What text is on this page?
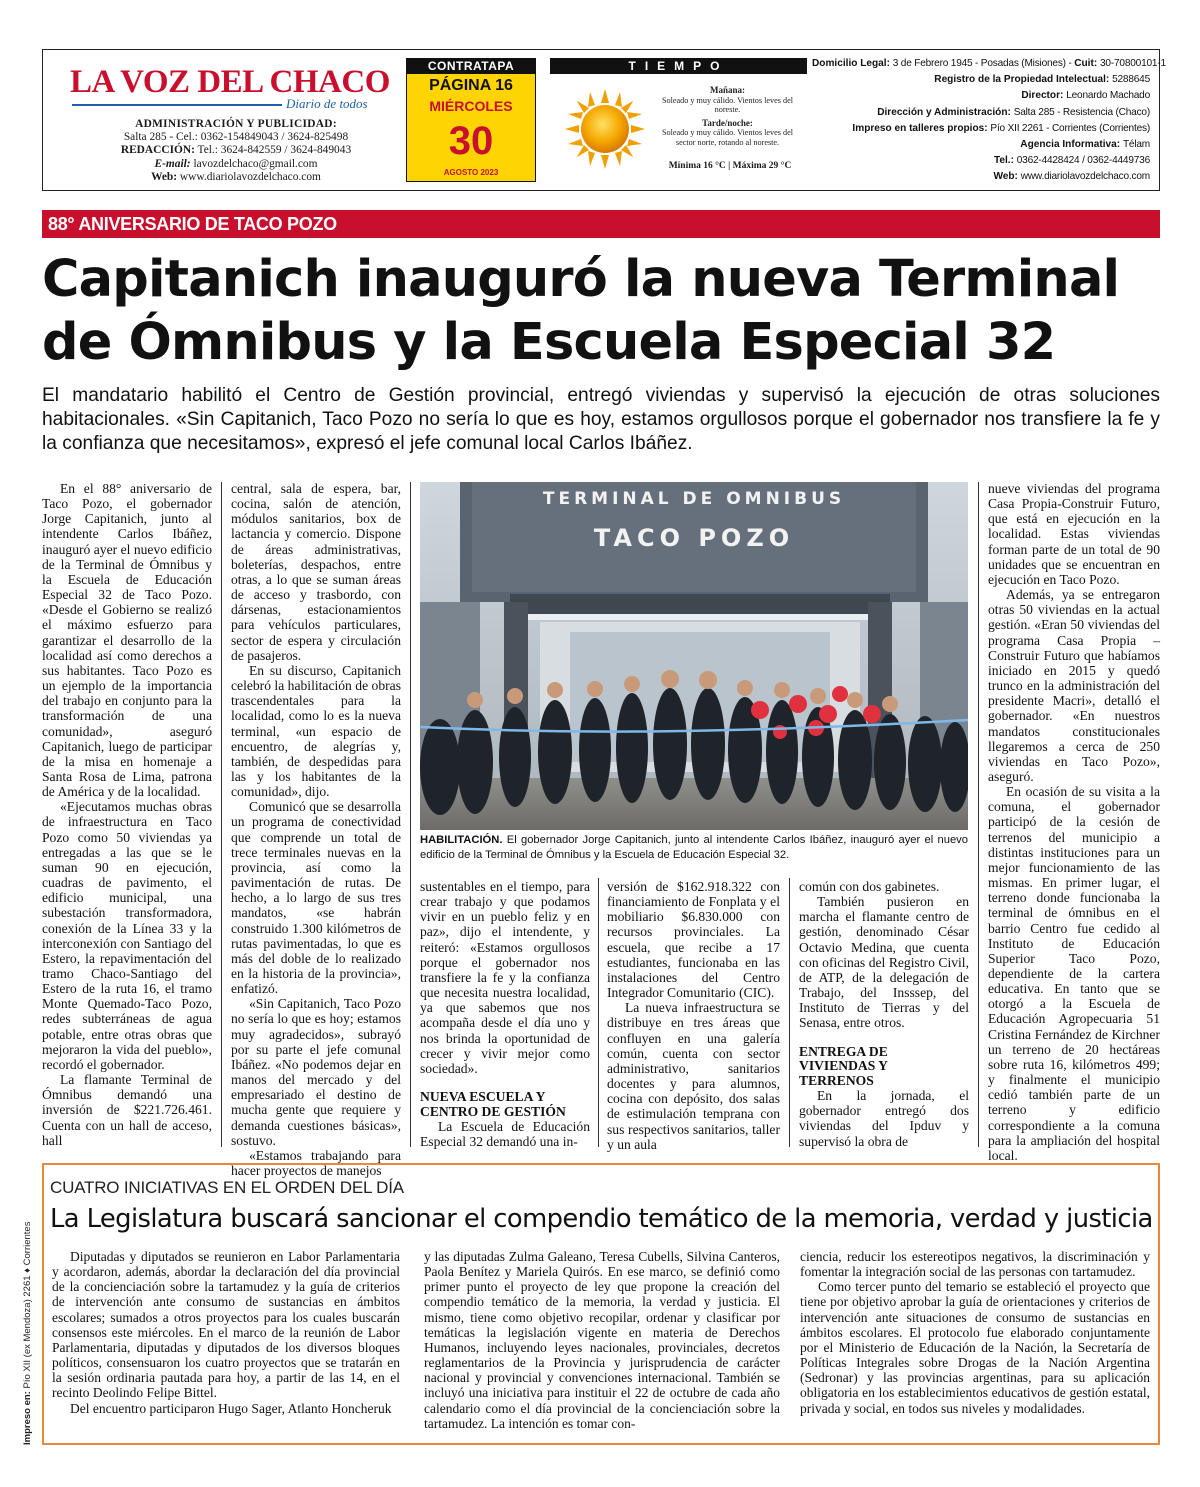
LA VOZ DEL CHACO
Diario de todos
ADMINISTRACIÓN Y PUBLICIDAD:
Salta 285 - Cel.: 0362-154849043 / 3624-825498
REDACCIÓN: Tel.: 3624-842559 / 3624-849043
E-mail: lavozdelchaco@gmail.com
Web: www.diariolavozdelchaco.com
CONTRATAPA
PÁGINA 16
MIÉRCOLES
30
AGOSTO 2023
TIEMPO
Mañana:
Soleado y muy cálido. Vientos leves del noreste.
Tarde/noche:
Soleado y muy cálido. Vientos leves del sector norte, rotando al noreste.
Mínima 16 °C | Máxima 29 °C
Domicilio Legal: 3 de Febrero 1945 - Posadas (Misiones) - Cuit: 30-70800101-1
Registro de la Propiedad Intelectual: 5288645
Director: Leonardo Machado
Dirección y Administración: Salta 285 - Resistencia (Chaco)
Impreso en talleres propios: Pío XII 2261 - Corrientes (Corrientes)
Agencia Informativa: Télam
Tel.: 0362-4428424 / 0362-4449736
Web: www.diariolavozdelchaco.com
88° ANIVERSARIO DE TACO POZO
Capitanich inauguró la nueva Terminal
de Ómnibus y la Escuela Especial 32
El mandatario habilitó el Centro de Gestión provincial, entregó viviendas y supervisó la ejecución de otras soluciones habitacionales. «Sin Capitanich, Taco Pozo no sería lo que es hoy, estamos orgullosos porque el gobernador nos transfiere la fe y la confianza que necesitamos», expresó el jefe comunal local Carlos Ibáñez.

En el 88° aniversario de Taco Pozo, el gobernador Jorge Capitanich, junto al intendente Carlos Ibáñez, inauguró ayer el nuevo edificio de la Terminal de Ómnibus y la Escuela de Educación Especial 32 de Taco Pozo. «Desde el Gobierno se realizó el máximo esfuerzo para garantizar el desarrollo de la localidad así como derechos a sus habitantes. Taco Pozo es un ejemplo de la importancia del trabajo en conjunto para la transformación de una comunidad», aseguró Capitanich, luego de participar de la misa en homenaje a Santa Rosa de Lima, patrona de América y de la localidad.

«Ejecutamos muchas obras de infraestructura en Taco Pozo como 50 viviendas ya entregadas a las que se le suman 90 en ejecución, cuadras de pavimento, el edificio municipal, una subestación transformadora, conexión de la Línea 33 y la interconexión con Santiago del Estero, la repavimentación del tramo Chaco-Santiago del Estero de la ruta 16, el tramo Monte Quemado-Taco Pozo, redes subterráneas de agua potable, entre otras obras que mejoraron la vida del pueblo», recordó el gobernador.

La flamante Terminal de Ómnibus demandó una inversión de $221.726.461. Cuenta con un hall de acceso, hall

central, sala de espera, bar, cocina, salón de atención, módulos sanitarios, box de lactancia y comercio. Dispone de áreas administrativas, boleterías, despachos, entre otras, a lo que se suman áreas de acceso y trasbordo, con dársenas, estacionamientos para vehículos particulares, sector de espera y circulación de pasajeros.

En su discurso, Capitanich celebró la habilitación de obras trascendentales para la localidad, como lo es la nueva terminal, «un espacio de encuentro, de alegrías y, también, de despedidas para las y los habitantes de la comunidad», dijo.

Comunicó que se desarrolla un programa de conectividad que comprende un total de trece terminales nuevas en la provincia, así como la pavimentación de rutas. De hecho, a lo largo de sus tres mandatos, «se habrán construido 1.300 kilómetros de rutas pavimentadas, lo que es más del doble de lo realizado en la historia de la provincia», enfatizó.

«Sin Capitanich, Taco Pozo no sería lo que es hoy; estamos muy agradecidos», subrayó por su parte el jefe comunal Ibáñez. «No podemos dejar en manos del mercado y del empresariado el destino de mucha gente que requiere y demanda cuestiones básicas», sostuvo.

«Estamos trabajando para hacer proyectos de manejos

TERMINAL DE OMNIBUS
TACO POZO
HABILITACIÓN. El gobernador Jorge Capitanich, junto al intendente Carlos Ibáñez, inauguró ayer el nuevo edificio de la Terminal de Ómnibus y la Escuela de Educación Especial 32.

sustentables en el tiempo, para crear trabajo y que podamos vivir en un pueblo feliz y en paz», dijo el intendente, y reiteró: «Estamos orgullosos porque el gobernador nos transfiere la fe y la confianza que necesita nuestra localidad, ya que sabemos que nos acompaña desde el día uno y nos brinda la oportunidad de crecer y vivir mejor como sociedad».

NUEVA ESCUELA Y
CENTRO DE GESTIÓN

La Escuela de Educación Especial 32 demandó una in-

versión de $162.918.322 con financiamiento de Fonplata y el mobiliario $6.830.000 con recursos provinciales. La escuela, que recibe a 17 estudiantes, funcionaba en las instalaciones del Centro Integrador Comunitario (CIC).

La nueva infraestructura se distribuye en tres áreas que confluyen en una galería común, cuenta con sector administrativo, sanitarios docentes y para alumnos, cocina con depósito, dos salas de estimulación temprana con sus respectivos sanitarios, taller y un aula

común con dos gabinetes.

También pusieron en marcha el flamante centro de gestión, denominado César Octavio Medina, que cuenta con oficinas del Registro Civil, de ATP, de la delegación de Trabajo, del Insssep, del Instituto de Tierras y del Senasa, entre otros.

ENTREGA DE
VIVIENDAS Y
TERRENOS

En la jornada, el gobernador entregó dos viviendas del Ipduv y supervisó la obra de

nueve viviendas del programa Casa Propia-Construir Futuro, que está en ejecución en la localidad. Estas viviendas forman parte de un total de 90 unidades que se encuentran en ejecución en Taco Pozo.

Además, ya se entregaron otras 50 viviendas en la actual gestión. «Eran 50 viviendas del programa Casa Propia – Construir Futuro que habíamos iniciado en 2015 y quedó trunco en la administración del presidente Macri», detalló el gobernador. «En nuestros mandatos constitucionales llegaremos a cerca de 250 viviendas en Taco Pozo», aseguró.

En ocasión de su visita a la comuna, el gobernador participó de la cesión de terrenos del municipio a distintas instituciones para un mejor funcionamiento de las mismas. En primer lugar, el terreno donde funcionaba la terminal de ómnibus en el barrio Centro fue cedido al Instituto de Educación Superior Taco Pozo, dependiente de la cartera educativa. En tanto que se otorgó a la Escuela de Educación Agropecuaria 51 Cristina Fernández de Kirchner un terreno de 20 hectáreas sobre ruta 16, kilómetros 499; y finalmente el municipio cedió también parte de un terreno y edificio correspondiente a la comuna para la ampliación del hospital local.

CUATRO INICIATIVAS EN EL ORDEN DEL DÍA
La Legislatura buscará sancionar el compendio temático de la memoria, verdad y justicia

Diputadas y diputados se reunieron en Labor Parlamentaria y acordaron, además, abordar la declaración del día provincial de la concienciación sobre la tartamudez y la guía de criterios de intervención ante consumo de sustancias en ámbitos escolares; sumados a otros proyectos para los cuales buscarán consensos este miércoles. En el marco de la reunión de Labor Parlamentaria, diputadas y diputados de los diversos bloques políticos, consensuaron los cuatro proyectos que se tratarán en la sesión ordinaria pautada para hoy, a partir de las 14, en el recinto Deolindo Felipe Bittel.

Del encuentro participaron Hugo Sager, Atlanto Honcheruk

y las diputadas Zulma Galeano, Teresa Cubells, Silvina Canteros, Paola Benítez y Mariela Quirós. En ese marco, se definió como primer punto el proyecto de ley que propone la creación del compendio temático de la memoria, la verdad y justicia. El mismo, tiene como objetivo recopilar, ordenar y clasificar por temáticas la legislación vigente en materia de Derechos Humanos, incluyendo leyes nacionales, provinciales, decretos reglamentarios de la Provincia y jurisprudencia de carácter nacional y provincial y convenciones internacional. También se incluyó una iniciativa para instituir el 22 de octubre de cada año calendario como el día provincial de la concienciación sobre la tartamudez. La intención es tomar con-

ciencia, reducir los estereotipos negativos, la discriminación y fomentar la integración social de las personas con tartamudez.

Como tercer punto del temario se estableció el proyecto que tiene por objetivo aprobar la guía de orientaciones y criterios de intervención ante situaciones de consumo de sustancias en ámbitos escolares. El protocolo fue elaborado conjuntamente por el Ministerio de Educación de la Nación, la Secretaría de Políticas Integrales sobre Drogas de la Nación Argentina (Sedronar) y las provincias argentinas, para su aplicación obligatoria en los establecimientos educativos de gestión estatal, privada y social, en todos sus niveles y modalidades.

Impreso en: Pío XII (ex Mendoza) 2261 ♦ Corrientes
